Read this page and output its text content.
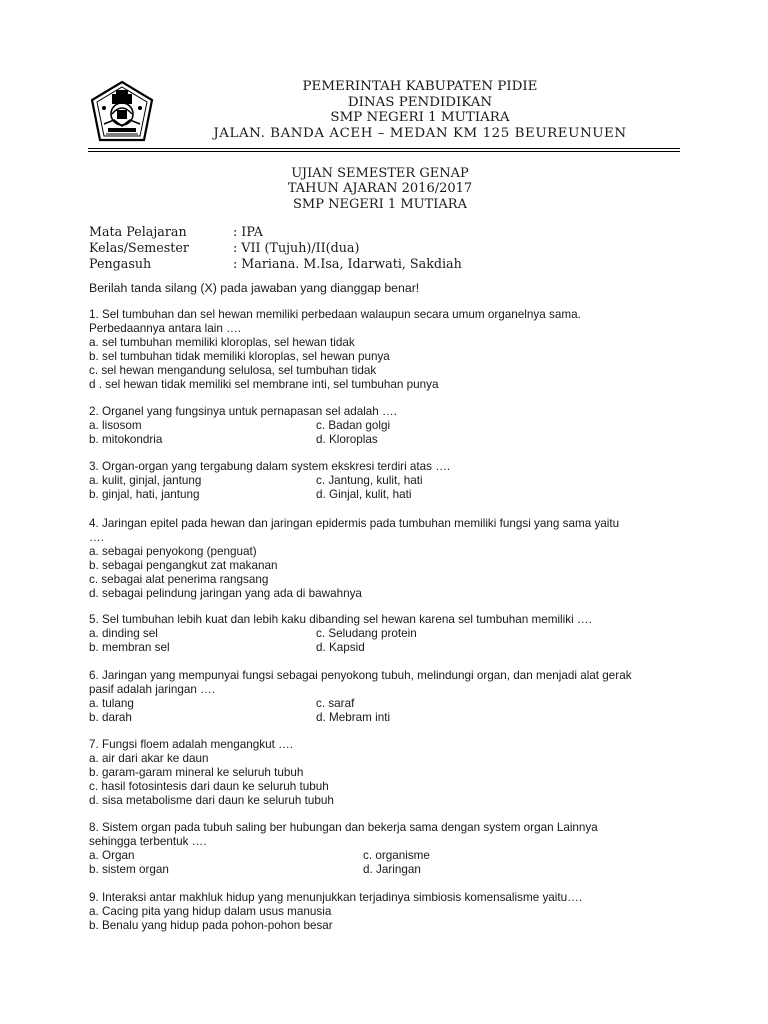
PEMERINTAH KABUPATEN PIDIE
DINAS PENDIDIKAN
SMP NEGERI 1 MUTIARA
JALAN. BANDA ACEH – MEDAN KM 125 BEUREUNUEN
UJIAN SEMESTER GENAP
TAHUN AJARAN 2016/2017
SMP NEGERI 1 MUTIARA
Mata Pelajaran	: IPA
Kelas/Semester	: VII (Tujuh)/II(dua)
Pengasuh	: Mariana. M.Isa, Idarwati, Sakdiah
Berilah tanda silang (X) pada jawaban yang dianggap benar!
1. Sel tumbuhan dan sel hewan memiliki perbedaan walaupun secara umum organelnya sama.
Perbedaannya antara lain ….
a. sel tumbuhan memiliki kloroplas, sel hewan tidak
b. sel tumbuhan tidak memiliki kloroplas, sel hewan punya
c. sel hewan mengandung selulosa, sel tumbuhan tidak
d . sel hewan tidak memiliki sel membrane inti, sel tumbuhan punya
2. Organel yang fungsinya untuk pernapasan sel adalah ….
a. lisosom	c. Badan golgi
b. mitokondria	d. Kloroplas
3. Organ-organ yang tergabung dalam system ekskresi terdiri atas ….
a. kulit, ginjal, jantung	c. Jantung, kulit, hati
b. ginjal, hati, jantung	d. Ginjal, kulit, hati
4. Jaringan epitel pada hewan dan jaringan epidermis pada tumbuhan memiliki fungsi yang sama yaitu
….
a. sebagai penyokong (penguat)
b. sebagai pengangkut zat makanan
c. sebagai alat penerima rangsang
d. sebagai pelindung jaringan yang ada di bawahnya
5. Sel tumbuhan lebih kuat dan lebih kaku dibanding sel hewan karena sel tumbuhan memiliki ….
a. dinding sel	c. Seludang protein
b. membran sel	d. Kapsid
6. Jaringan yang mempunyai fungsi sebagai penyokong tubuh, melindungi organ, dan menjadi alat gerak
pasif adalah jaringan ….
a. tulang	c. saraf
b. darah	d. Mebram inti
7. Fungsi floem adalah mengangkut ….
a. air dari akar ke daun
b. garam-garam mineral ke seluruh tubuh
c. hasil fotosintesis dari daun ke seluruh tubuh
d. sisa metabolisme dari daun ke seluruh tubuh
8. Sistem organ pada tubuh saling ber hubungan dan bekerja sama dengan system organ Lainnya
sehingga terbentuk ….
a. Organ	c. organisme
b. sistem organ	d. Jaringan
9. Interaksi antar makhluk hidup yang menunjukkan terjadinya simbiosis komensalisme yaitu….
a. Cacing pita yang hidup dalam usus manusia
b. Benalu yang hidup pada pohon-pohon besar
